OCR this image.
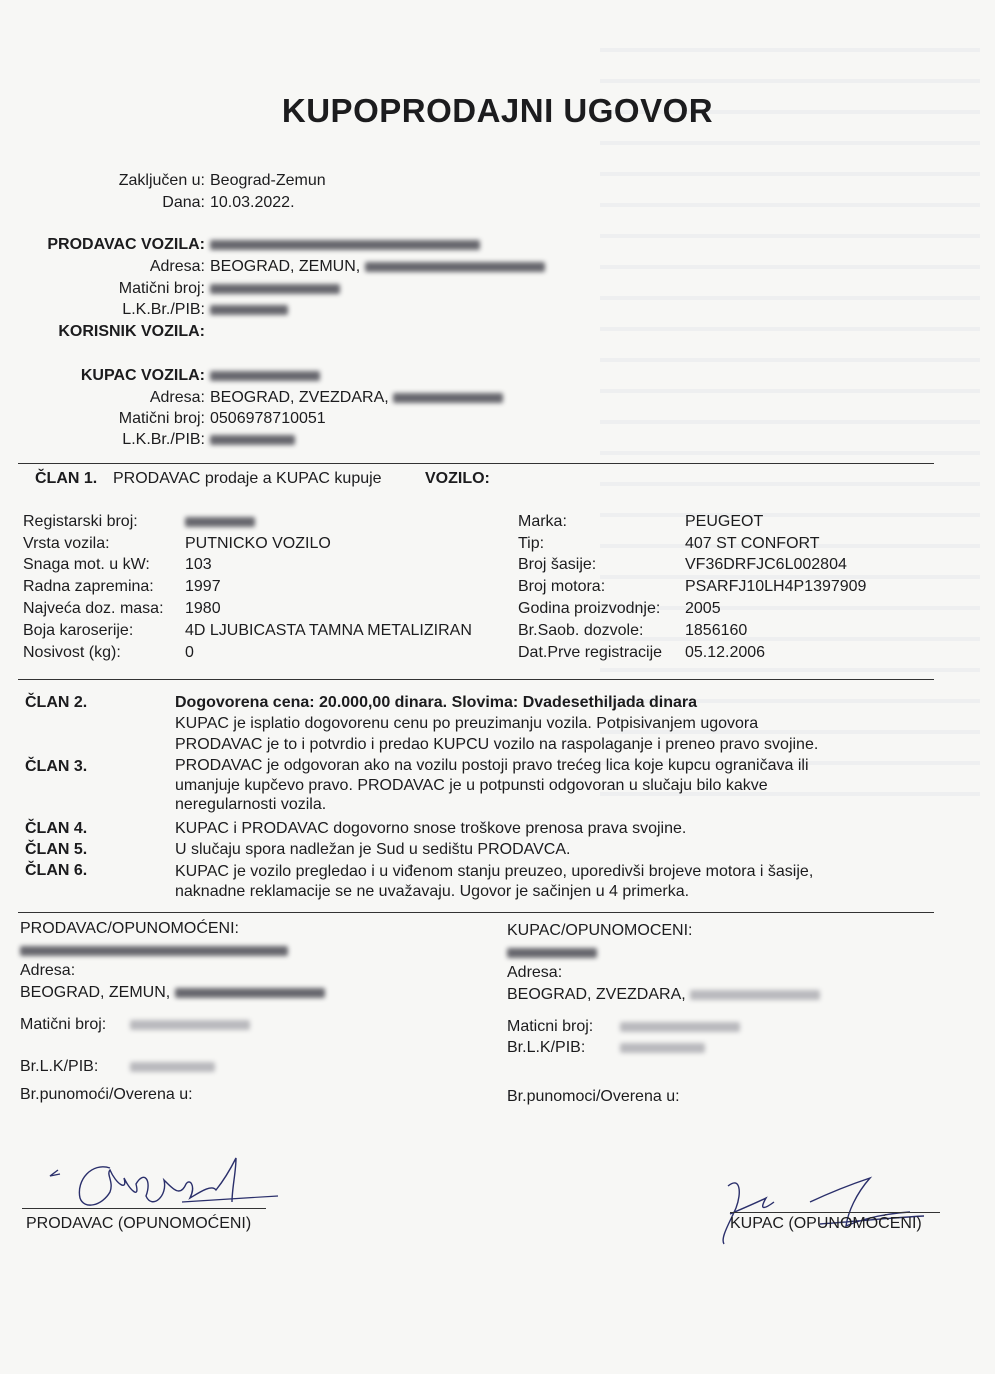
KUPOPRODAJNI UGOVOR
Zaključen u: Beograd-Zemun
Dana: 10.03.2022.
PRODAVAC VOZILA:
Adresa: BEOGRAD, ZEMUN,
Matični broj:
L.K.Br./PIB:
KORISNIK VOZILA:
KUPAC VOZILA:
Adresa: BEOGRAD, ZVEZDARA,
Matični broj: 0506978710051
L.K.Br./PIB:
ČLAN 1. PRODAVAC prodaje a KUPAC kupuje	VOZILO:
Registarski broj:
Vrsta vozila:	PUTNICKO VOZILO
Snaga mot. u kW: 103
Radna zapremina: 1997
Najveća doz. masa: 1980
Boja karoserije:	4D LJUBICASTA TAMNA METALIZIRAN
Nosivost (kg):	0
Marka:	PEUGEOT
Tip:	407 ST CONFORT
Broj šasije:	VF36DRFJC6L002804
Broj motora:	PSARFJ10LH4P1397909
Godina proizvodnje: 2005
Br.Saob. dozvole:	1856160
Dat.Prve registracije 05.12.2006
ČLAN 2.	Dogovorena cena: 20.000,00 dinara. Slovima: Dvadesethiljada dinara
KUPAC je isplatio dogovorenu cenu po preuzimanju vozila. Potpisivanjem ugovora
PRODAVAC je to i potvrdio i predao KUPCU vozilo na raspolaganje i preneo pravo svojine.
ČLAN 3.	PRODAVAC je odgovoran ako na vozilu postoji pravo trećeg lica koje kupcu ograničava ili
umanjuje kupčevo pravo. PRODAVAC je u potpunsti odgovoran u slučaju bilo kakve
neregularnosti vozila.
ČLAN 4.	KUPAC i PRODAVAC dogovorno snose troškove prenosa prava svojine.
ČLAN 5.	U slučaju spora nadležan je Sud u sedištu PRODAVCA.
ČLAN 6.	KUPAC je vozilo pregledao i u viđenom stanju preuzeo, uporedivši brojeve motora i šasije,
naknadne reklamacije se ne uvažavaju. Ugovor je sačinjen u 4 primerka.
PRODAVAC/OPUNOMOĆENI:
Adresa:
BEOGRAD, ZEMUN,
Matični broj:
Br.L.K/PIB:
Br.punomoći/Overena u:
KUPAC/OPUNOMOCENI:
Adresa:
BEOGRAD, ZVEZDARA,
Maticni broj:
Br.L.K/PIB:
Br.punomoci/Overena u:
PRODAVAC (OPUNOMOĆENI)	KUPAC (OPUNOMOĆENI)
